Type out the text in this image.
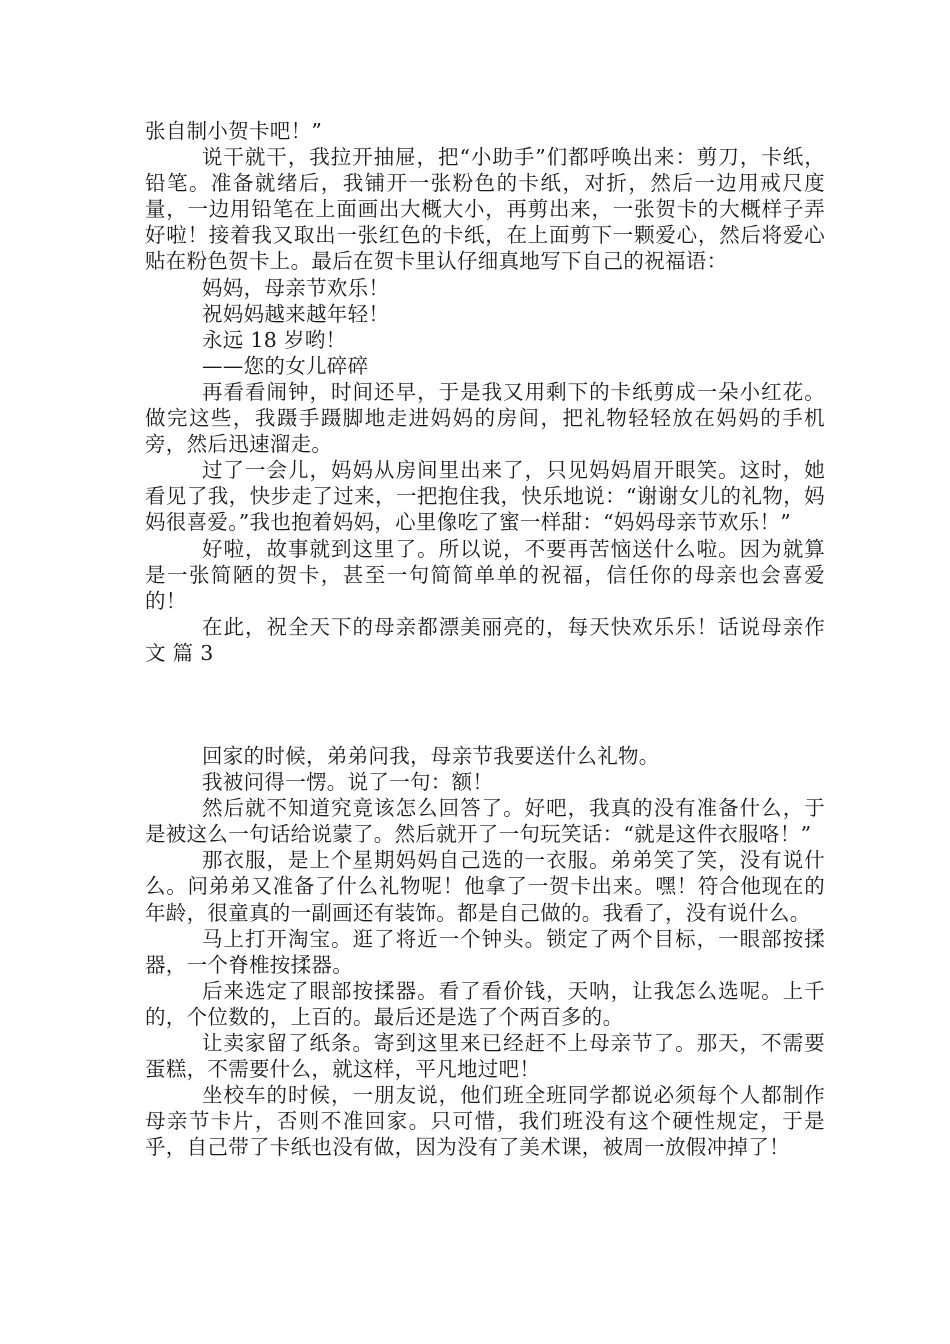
张自制小贺卡吧！”

说干就干，我拉开抽屉，把“小助手”们都呼唤出来：剪刀，卡纸，铅笔。准备就绪后，我铺开一张粉色的卡纸，对折，然后一边用戒尺度量，一边用铅笔在上面画出大概大小，再剪出来，一张贺卡的大概样子弄好啦！接着我又取出一张红色的卡纸，在上面剪下一颗爱心，然后将爱心贴在粉色贺卡上。最后在贺卡里认仔细真地写下自己的祝福语：

妈妈，母亲节欢乐！

祝妈妈越来越年轻！

永远 18 岁哟！

——您的女儿碎碎

再看看闹钟，时间还早，于是我又用剩下的卡纸剪成一朵小红花。做完这些，我蹑手蹑脚地走进妈妈的房间，把礼物轻轻放在妈妈的手机旁，然后迅速溜走。

过了一会儿，妈妈从房间里出来了，只见妈妈眉开眼笑。这时，她看见了我，快步走了过来，一把抱住我，快乐地说：“谢谢女儿的礼物，妈妈很喜爱。”我也抱着妈妈，心里像吃了蜜一样甜：“妈妈母亲节欢乐！”

好啦，故事就到这里了。所以说，不要再苦恼送什么啦。因为就算是一张简陋的贺卡，甚至一句简简单单的祝福，信任你的母亲也会喜爱的！

在此，祝全天下的母亲都漂美丽亮的，每天快欢乐乐！话说母亲作文 篇 3

回家的时候，弟弟问我，母亲节我要送什么礼物。

我被问得一愣。说了一句：额！

然后就不知道究竟该怎么回答了。好吧，我真的没有准备什么，于是被这么一句话给说蒙了。然后就开了一句玩笑话：“就是这件衣服咯！”

那衣服，是上个星期妈妈自己选的一衣服。弟弟笑了笑，没有说什么。问弟弟又准备了什么礼物呢！他拿了一贺卡出来。嘿！符合他现在的年龄，很童真的一副画还有装饰。都是自己做的。我看了，没有说什么。

马上打开淘宝。逛了将近一个钟头。锁定了两个目标，一眼部按揉器，一个脊椎按揉器。

后来选定了眼部按揉器。看了看价钱，天呐，让我怎么选呢。上千的，个位数的，上百的。最后还是选了个两百多的。

让卖家留了纸条。寄到这里来已经赶不上母亲节了。那天，不需要蛋糕，不需要什么，就这样，平凡地过吧！

坐校车的时候，一朋友说，他们班全班同学都说必须每个人都制作母亲节卡片，否则不准回家。只可惜，我们班没有这个硬性规定，于是乎，自己带了卡纸也没有做，因为没有了美术课，被周一放假冲掉了！
